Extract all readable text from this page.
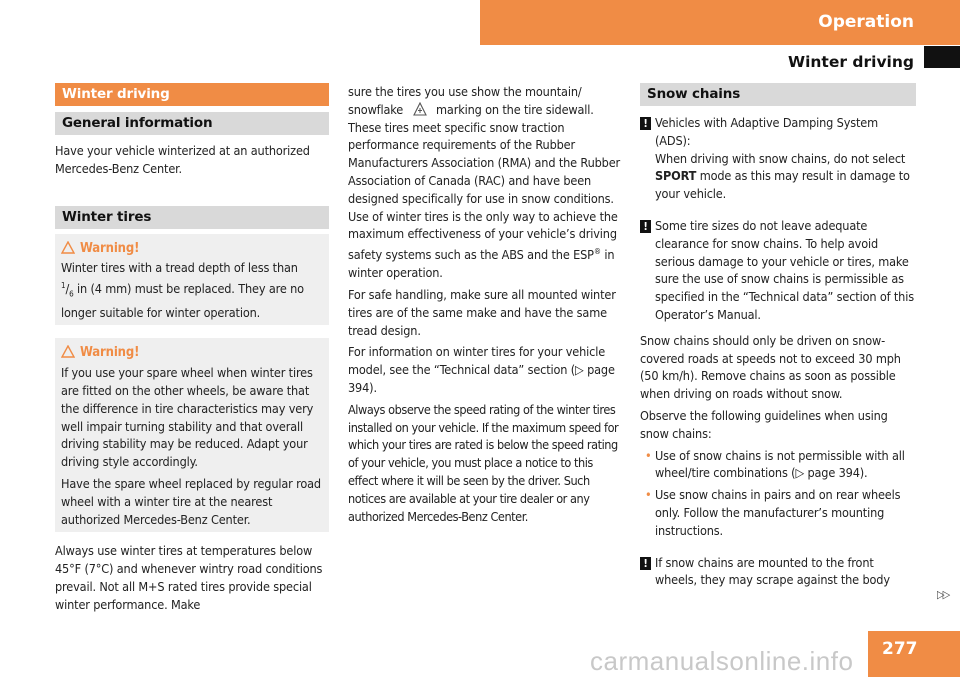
Operation
Winter driving
Winter driving
General information

Have your vehicle winterized at an authorized Mercedes-Benz Center.

Winter tires
Warning!

Winter tires with a tread depth of less than
$^1/_6$ in (4 mm) must be replaced. They are no longer suitable for winter operation.

Warning!

If you use your spare wheel when winter tires are fitted on the other wheels, be aware that the difference in tire characteristics may very well impair turning stability and that overall driving stability may be reduced. Adapt your driving style accordingly.

Have the spare wheel replaced by regular road wheel with a winter tire at the nearest authorized Mercedes-Benz Center.

Always use winter tires at temperatures below 45°F (7°C) and whenever wintry road conditions prevail. Not all M+S rated tires provide special winter performance. Make

sure the tires you use show the mountain/ snowflake	marking on the tire sidewall. These tires meet specific snow traction performance requirements of the Rubber Manufacturers Association (RMA) and the Rubber Association of Canada (RAC) and have been designed specifically for use in snow conditions. Use of winter tires is the only way to achieve the maximum effectiveness of your vehicle’s driving safety systems such as the ABS and the ESP® in winter operation.

For safe handling, make sure all mounted winter tires are of the same make and have the same tread design.

For information on winter tires for your vehicle model, see the “Technical data” section (▷ page 394).

Always observe the speed rating of the winter tires installed on your vehicle. If the maximum speed for which your tires are rated is below the speed rating of your vehicle, you must place a notice to this effect where it will be seen by the driver. Such notices are available at your tire dealer or any authorized Mercedes-Benz Center.

Snow chains
! Vehicles with Adaptive Damping System (ADS):

When driving with snow chains, do not select SPORT mode as this may result in damage to your vehicle.

! Some tire sizes do not leave adequate clearance for snow chains. To help avoid serious damage to your vehicle or tires, make sure the use of snow chains is permissible as specified in the “Technical data” section of this Operator’s Manual.

Snow chains should only be driven on snow-covered roads at speeds not to exceed 30 mph (50 km/h). Remove chains as soon as possible when driving on roads without snow.

Observe the following guidelines when using snow chains:

• Use of snow chains is not permissible with all wheel/tire combinations (▷ page 394).
• Use snow chains in pairs and on rear wheels only. Follow the manufacturer’s mounting instructions.
! If snow chains are mounted to the front wheels, they may scrape against the body

▷▷
carmanualsonline.info 277
